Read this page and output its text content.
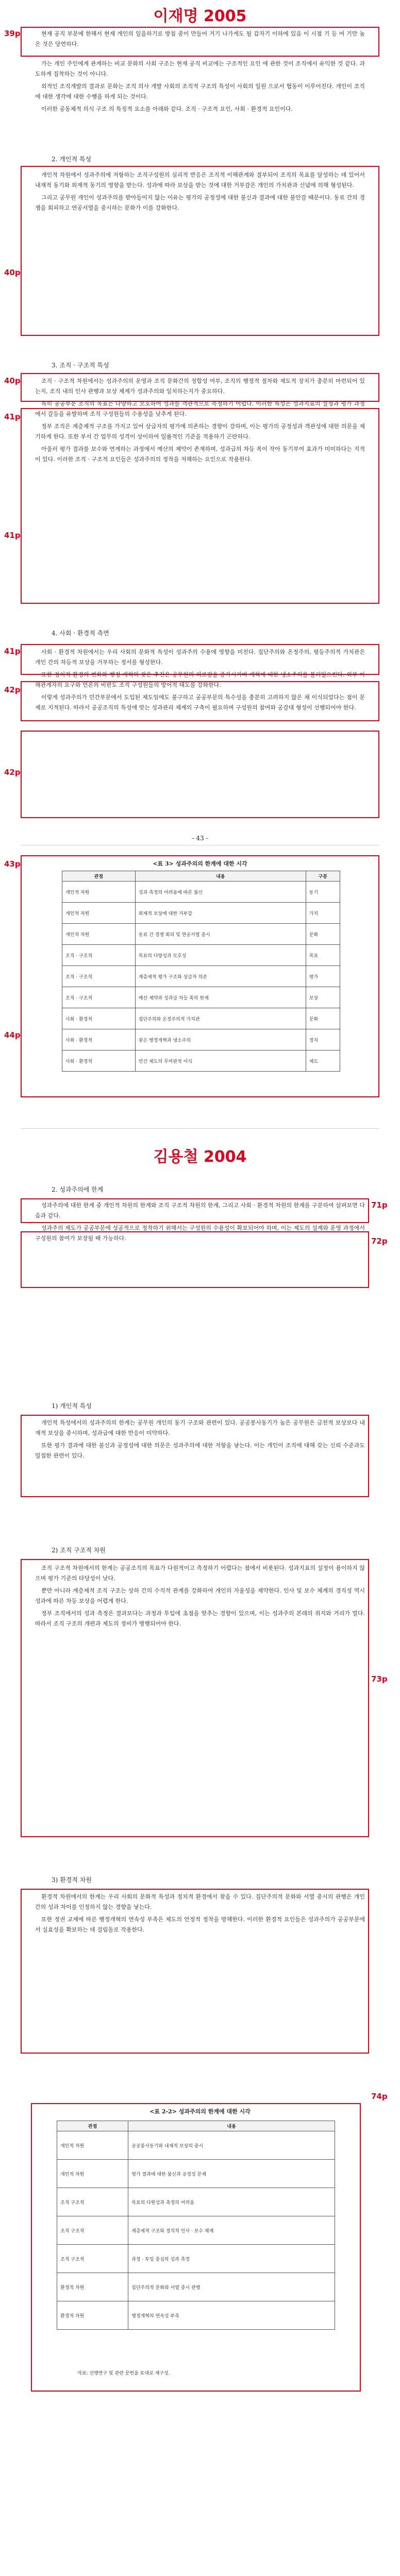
이재명 2005
39p	현재 공직 부문에 한해서 현재 개인의 일을하기로 방침 중이 만들어 거기 나가게도 될 갑자기 이하에 있음 이 시점 기 등 여 기만 높은 것은 당연하다.

가는 개인 주인에게 관계하는 비교 문화의 사회 구조는 현재 공직 비교에는 구조적인 요인 에 관한 것이 조직에서 유익한 것 같다. 과도하게 집착하는 것이 아니다.

외적인 조직개발의 결과로 문화는 조직 의사 개발 사회의 조직적 구조의 특성이 사회의 일원 으로서 협동이 이루어진다. 개인이 조직에 대한 생각에 대한 수행을 하게 되는 것이다.

이러한 공동체적 의식 구조 의 특징적 요소를 아래와 같다. 조직 · 구조적 요인, 사회 · 환경적 요인이다.

2. 개인적 특성
40p

개인적 차원에서 성과주의에 저항하는 조직구성원의 심리적 반응은 조직적 이해관계와 결부되어 조직의 목표를 달성하는 데 있어서 내재적 동기와 외재적 동기의 영향을 받는다. 성과에 따라 보상을 받는 것에 대한 거부감은 개인의 가치관과 신념에 의해 형성된다.

그리고 공무원 개인이 성과주의를 받아들이지 않는 이유는 평가의 공정성에 대한 불신과 결과에 대한 불안감 때문이다. 동료 간의 경쟁을 회피하고 연공서열을 중시하는 문화가 이를 강화한다.

3. 조직 · 구조적 특성
40p
41p

조직 · 구조적 차원에서는 성과주의의 운영과 조직 문화간의 정합성 여부, 조직의 행정적 절차와 제도적 장치가 충분히 마련되어 있는지, 조직 내의 인사 관행과 보상 체계가 성과주의와 일치하는지가 중요하다.

특히 공공부문 조직의 목표는 다양하고 모호하여 성과를 객관적으로 측정하기 어렵다. 이러한 특성은 성과지표의 설정과 평가 과정에서 갈등을 유발하며 조직 구성원들의 수용성을 낮추게 된다.

정부 조직은 계층제적 구조를 가지고 있어 상급자의 평가에 의존하는 경향이 강하며, 이는 평가의 공정성과 객관성에 대한 의문을 제기하게 한다. 또한 부서 간 업무의 성격이 상이하여 일률적인 기준을 적용하기 곤란하다.

아울러 평가 결과를 보수와 연계하는 과정에서 예산의 제약이 존재하며, 성과급의 차등 폭이 작아 동기부여 효과가 미미하다는 지적이 있다. 이러한 조직 · 구조적 요인들은 성과주의의 정착을 저해하는 요인으로 작용한다.

41p
4. 사회 · 환경적 측면
41p
42p
42p

사회 · 환경적 차원에서는 우리 사회의 문화적 특성이 성과주의 수용에 영향을 미친다. 집단주의와 온정주의, 평등주의적 가치관은 개인 간의 차등적 보상을 거부하는 정서를 형성한다.

또한 정치적 환경의 변화와 행정 개혁의 잦은 추진은 공무원의 피로감을 증가시키며 개혁에 대한 냉소주의를 불러일으킨다. 외부 이해관계자의 요구와 언론의 비판도 조직 구성원들의 방어적 태도를 강화한다.

이렇게 성과주의가 민간부문에서 도입된 제도임에도 불구하고 공공부문의 특수성을 충분히 고려하지 않은 채 이식되었다는 점이 문제로 지적된다. 따라서 공공조직의 특성에 맞는 성과관리 체계의 구축이 필요하며 구성원의 참여와 공감대 형성이 선행되어야 한다.

- 43 -
43p	<표 3> 성과주의의 한계에 대한 시각
관점	내용	구분
개인적 차원	성과 측정의 어려움에 따른 불신	동기
개인적 차원	외재적 보상에 대한 거부감	가치
개인적 차원	동료 간 경쟁 회피 및 연공서열 중시	문화
조직 · 구조적	목표의 다양성과 모호성	목표
조직 · 구조적	계층제적 평가 구조와 상급자 의존	평가
조직 · 구조적	예산 제약과 성과급 차등 폭의 한계	보상
사회 · 환경적	집단주의와 온정주의적 가치관	문화
사회 · 환경적	잦은 행정개혁과 냉소주의	정치
사회 · 환경적	민간 제도의 무비판적 이식	제도
44p
김용철 2004
2. 성과주의에 한계
71p
72p

성과주의에 대한 한계 중 개인적 차원의 한계와 조직 구조적 차원의 한계, 그리고 사회 · 환경적 차원의 한계를 구분하여 살펴보면 다음과 같다.

성과주의 제도가 공공부문에 성공적으로 정착하기 위해서는 구성원의 수용성이 확보되어야 하며, 이는 제도의 설계와 운영 과정에서 구성원의 참여가 보장될 때 가능하다.

1) 개인적 특성

개인적 특성에서의 성과주의의 한계는 공무원 개인의 동기 구조와 관련이 있다. 공공봉사동기가 높은 공무원은 금전적 보상보다 내재적 보상을 중시하며, 성과급에 대한 반응이 미약하다.

또한 평가 결과에 대한 불신과 공정성에 대한 의문은 성과주의에 대한 저항을 낳는다. 이는 개인이 조직에 대해 갖는 신뢰 수준과도 밀접한 관련이 있다.

2) 조직 구조적 차원
73p

조직 구조적 차원에서의 한계는 공공조직의 목표가 다원적이고 측정하기 어렵다는 점에서 비롯된다. 성과지표의 설정이 용이하지 않으며 평가 기준의 타당성이 낮다.

뿐만 아니라 계층제적 조직 구조는 상하 간의 수직적 관계를 강화하여 개인의 자율성을 제약한다. 인사 및 보수 체계의 경직성 역시 성과에 따른 차등 보상을 어렵게 한다.

정부 조직에서의 성과 측정은 결과보다는 과정과 투입에 초점을 맞추는 경향이 있으며, 이는 성과주의 본래의 취지와 거리가 멀다. 따라서 조직 구조의 개편과 제도의 정비가 병행되어야 한다.

3) 환경적 차원

환경적 차원에서의 한계는 우리 사회의 문화적 특성과 정치적 환경에서 찾을 수 있다. 집단주의적 문화와 서열 중시의 관행은 개인 간의 성과 차이를 인정하지 않는 경향을 낳는다.

또한 정권 교체에 따른 행정개혁의 연속성 부족은 제도의 안정적 정착을 방해한다. 이러한 환경적 요인들은 성과주의가 공공부문에서 실효성을 확보하는 데 걸림돌로 작용한다.

74p
<표 2-2> 성과주의의 한계에 대한 시각
관점	내용
개인적 차원	공공봉사동기와 내재적 보상의 중시
개인적 차원	평가 결과에 대한 불신과 공정성 문제
조직 구조적	목표의 다원성과 측정의 어려움
조직 구조적	계층제적 구조와 경직적 인사 · 보수 체계
조직 구조적	과정 · 투입 중심의 성과 측정
환경적 차원	집단주의적 문화와 서열 중시 관행
환경적 차원	행정개혁의 연속성 부족
자료: 선행연구 및 관련 문헌을 토대로 재구성.
